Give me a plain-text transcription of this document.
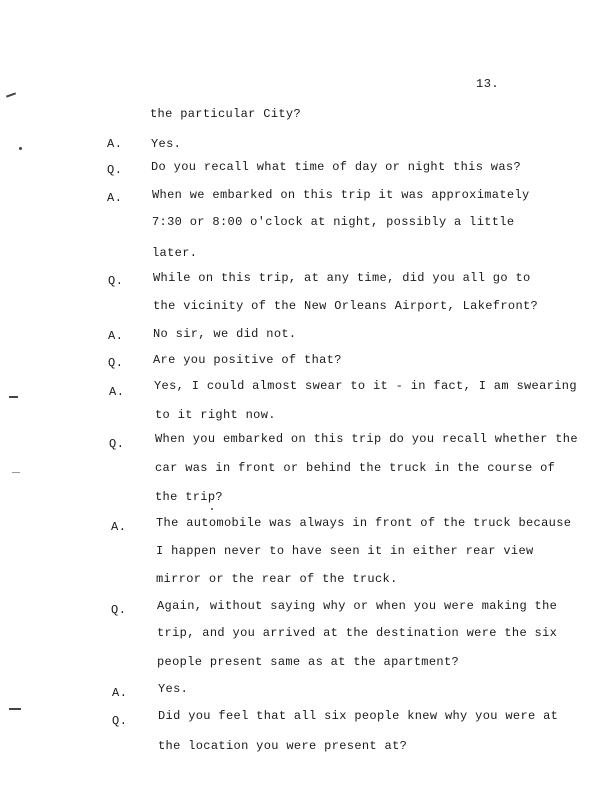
13.
the particular City?
A. Yes.
Q. Do you recall what time of day or night this was?
A. When we embarked on this trip it was approximately
7:30 or 8:00 o'clock at night, possibly a little
later.
Q. While on this trip, at any time, did you all go to
the vicinity of the New Orleans Airport, Lakefront?
A. No sir, we did not.
Q. Are you positive of that?
A. Yes, I could almost swear to it - in fact, I am swearing
to it right now.
Q.	When you embarked on this trip do you recall whether the
car was in front or behind the truck in the course of
the trip?
A. The automobile was always in front of the truck because
I happen never to have seen it in either rear view
mirror or the rear of the truck.
Q.	Again, without saying why or when you were making the
trip, and you arrived at the destination were the six
people present same as at the apartment?
A.	Yes.
Q.	Did you feel that all six people knew why you were at
the location you were present at?
